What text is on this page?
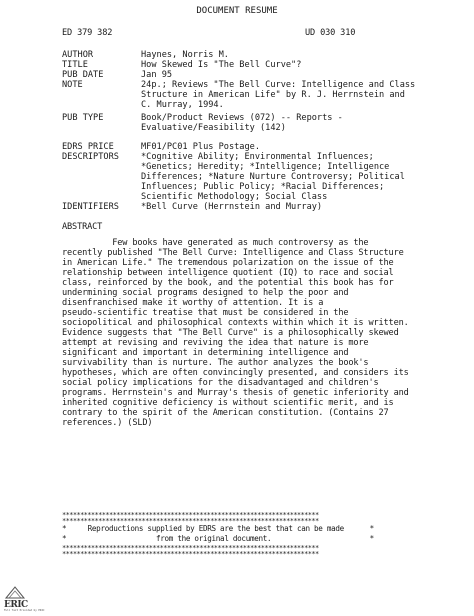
DOCUMENT RESUME
ED 379 382	UD 030 310
AUTHOR	Haynes, Norris M.
TITLE	How Skewed Is "The Bell Curve"?
PUB DATE	Jan 95
NOTE	24p.; Reviews "The Bell Curve: Intelligence and Class
Structure in American Life" by R. J. Herrnstein and
C. Murray, 1994.
PUB TYPE	Book/Product Reviews (072) -- Reports -
Evaluative/Feasibility (142)
EDRS PRICE	MF01/PC01 Plus Postage.
DESCRIPTORS	*Cognitive Ability; Environmental Influences;
*Genetics; Heredity; *Intelligence; Intelligence
Differences; *Nature Nurture Controversy; Political
Influences; Public Policy; *Racial Differences;
Scientific Methodology; Social Class
IDENTIFIERS	*Bell Curve (Herrnstein and Murray)
ABSTRACT
Few books have generated as much controversy as the
recently published "The Bell Curve: Intelligence and Class Structure
in American Life." The tremendous polarization on the issue of the
relationship between intelligence quotient (IQ) to race and social
class, reinforced by the book, and the potential this book has for
undermining social programs designed to help the poor and
disenfranchised make it worthy of attention. It is a
pseudo-scientific treatise that must be considered in the
sociopolitical and philosophical contexts within which it is written.
Evidence suggests that "The Bell Curve" is a philosophically skewed
attempt at revising and reviving the idea that nature is more
significant and important in determining intelligence and
survivability than is nurture. The author analyzes the book's
hypotheses, which are often convincingly presented, and considers its
social policy implications for the disadvantaged and children's
programs. Herrnstein's and Murray's thesis of genetic inferiority and
inherited cognitive deficiency is without scientific merit, and is
contrary to the spirit of the American constitution. (Contains 27
references.) (SLD)
***********************************************************************
***********************************************************************
*     Reproductions supplied by EDRS are the best that can be made      *
*                     from the original document.                       *
***********************************************************************
***********************************************************************
ERIC
Full Text Provided by ERIC
